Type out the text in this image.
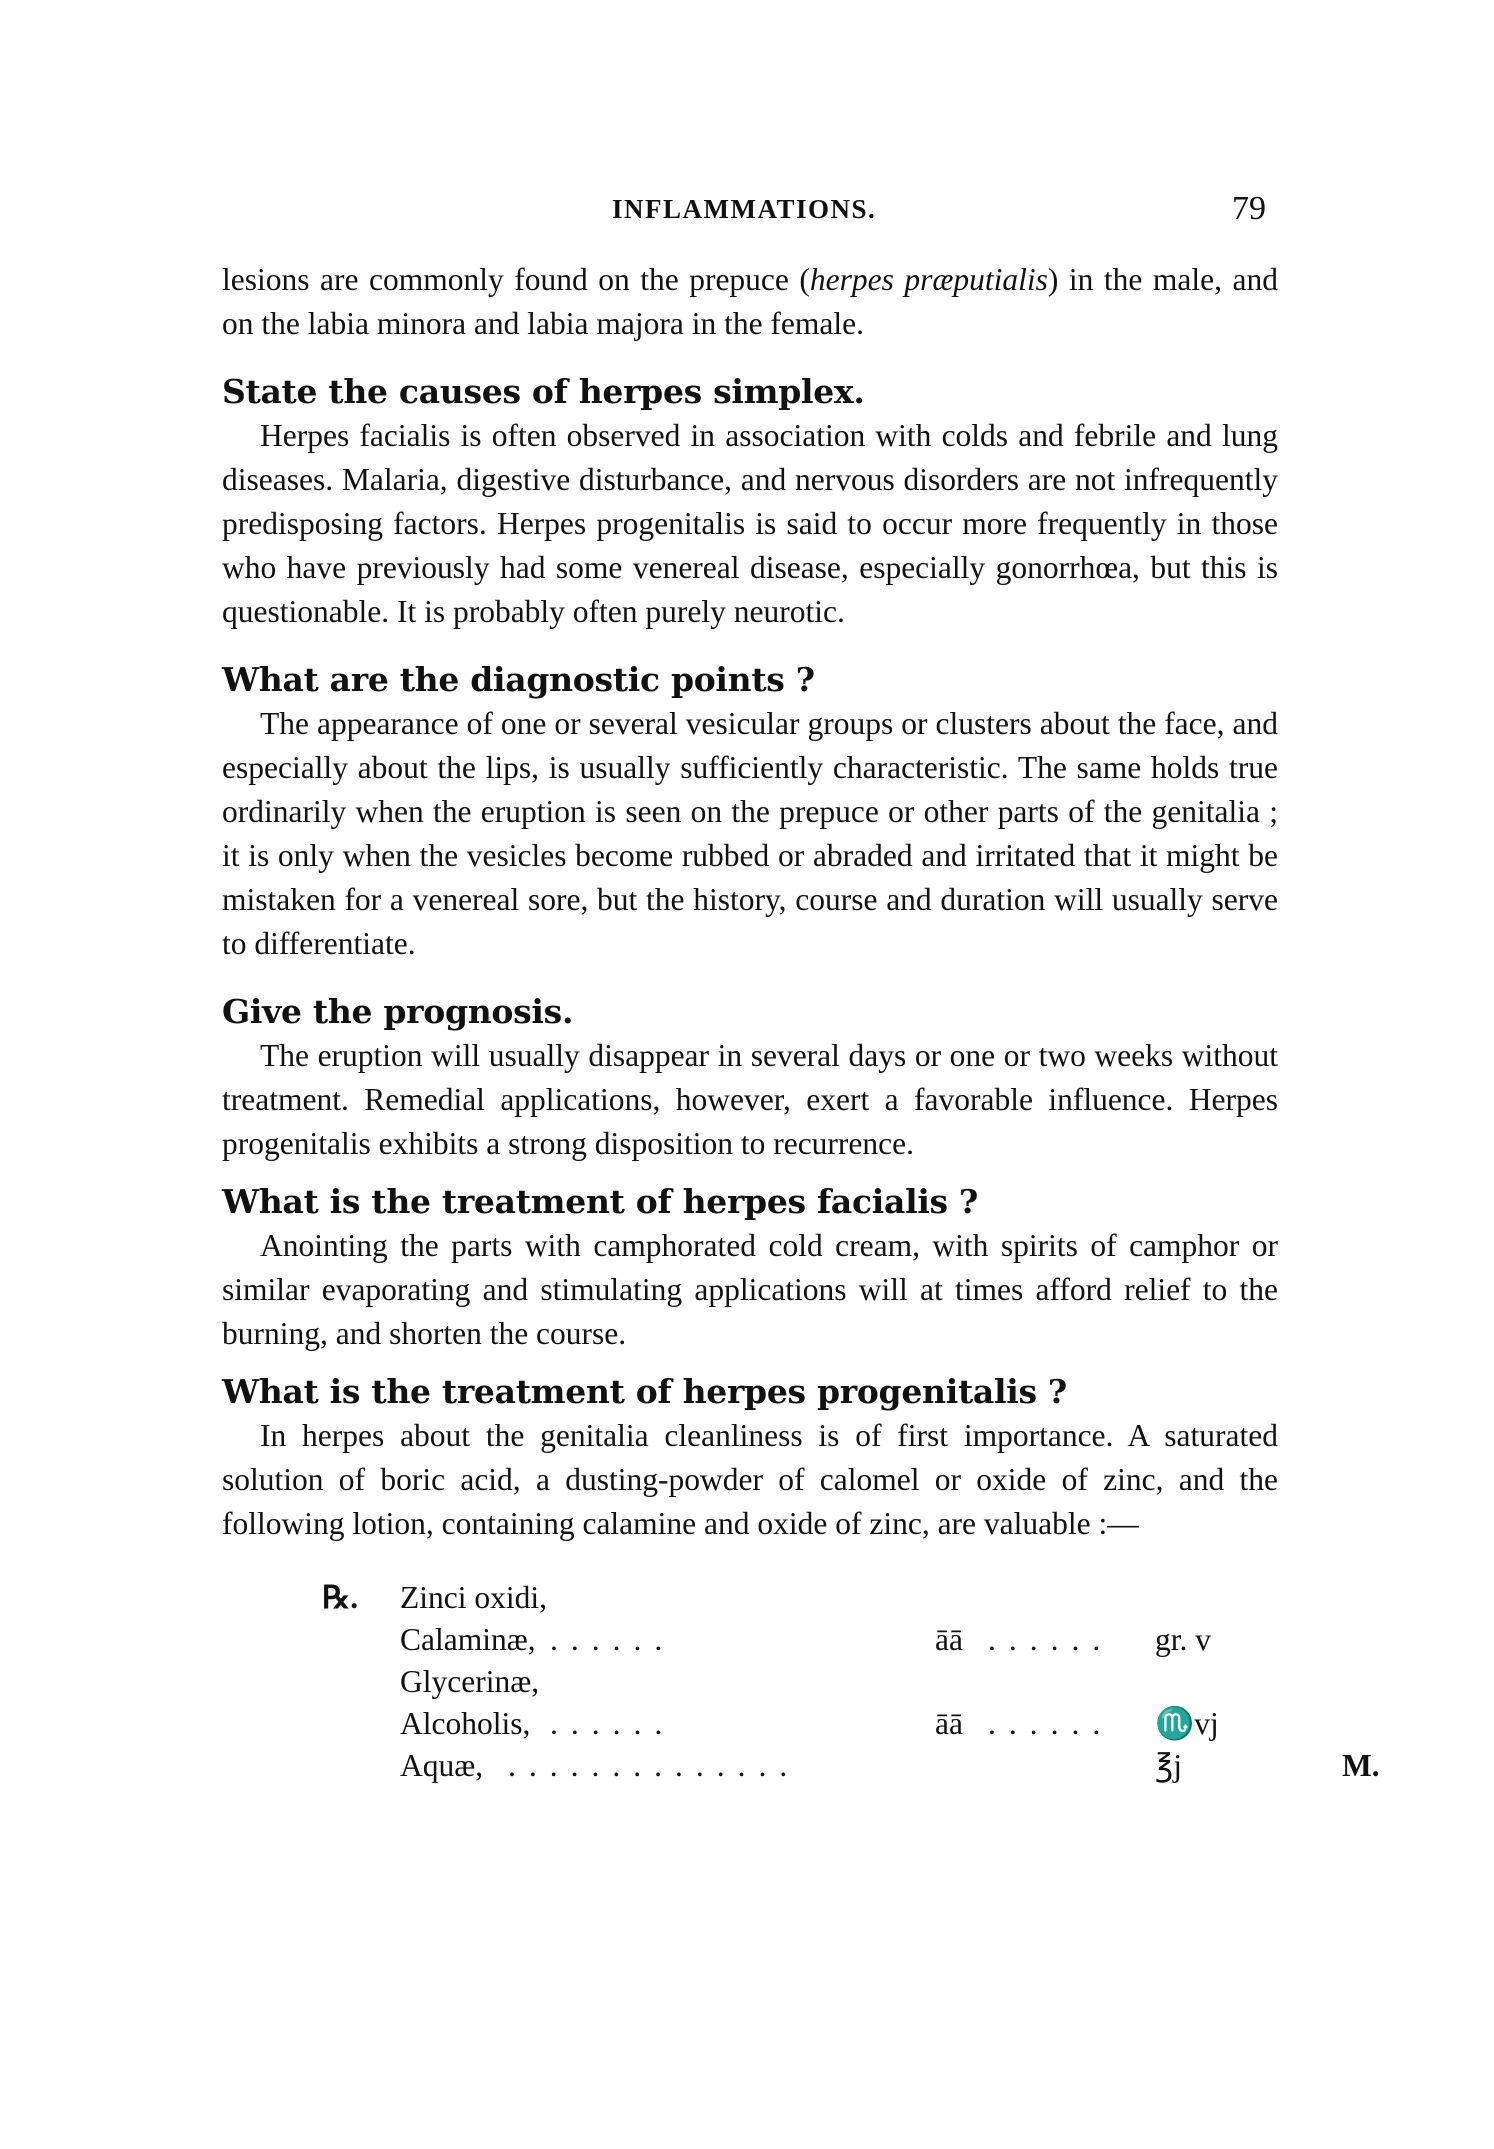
INFLAMMATIONS.	79

lesions are commonly found on the prepuce (herpes præputialis) in the male, and on the labia minora and labia majora in the female.

State the causes of herpes simplex.

Herpes facialis is often observed in association with colds and febrile and lung diseases. Malaria, digestive disturbance, and nervous disorders are not infrequently predisposing factors. Herpes progenitalis is said to occur more frequently in those who have previously had some venereal disease, especially gonorrhœa, but this is questionable. It is probably often purely neurotic.

What are the diagnostic points ?

The appearance of one or several vesicular groups or clusters about the face, and especially about the lips, is usually sufficiently characteristic. The same holds true ordinarily when the eruption is seen on the prepuce or other parts of the genitalia ; it is only when the vesicles become rubbed or abraded and irritated that it might be mistaken for a venereal sore, but the history, course and duration will usually serve to differentiate.

Give the prognosis.

The eruption will usually disappear in several days or one or two weeks without treatment. Remedial applications, however, exert a favorable influence. Herpes progenitalis exhibits a strong disposition to recurrence.

What is the treatment of herpes facialis ?

Anointing the parts with camphorated cold cream, with spirits of camphor or similar evaporating and stimulating applications will at times afford relief to the burning, and shorten the course.

What is the treatment of herpes progenitalis ?

In herpes about the genitalia cleanliness is of first importance. A saturated solution of boric acid, a dusting-powder of calomel or oxide of zinc, and the following lotion, containing calamine and oxide of zinc, are valuable :—

℞. Zinci oxidi,
Calaminæ, ......	āā ...... gr. v
Glycerinæ,
Alcoholis, ......	āā ...... ♏vj
Aquæ, ..............	℥j	M.
